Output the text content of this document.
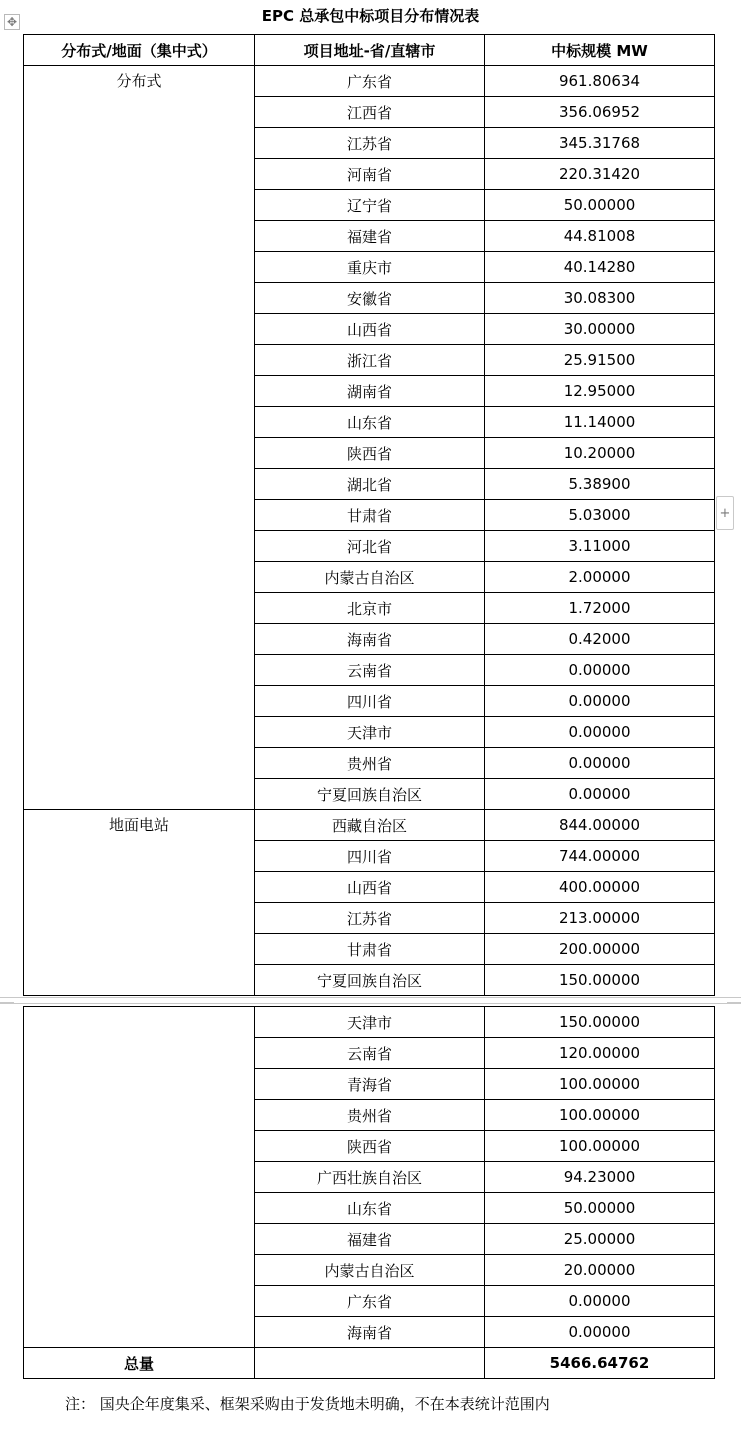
✥	EPC 总承包中标项目分布情况表
分布式/地面（集中式）	项目地址-省/直辖市	中标规模 MW
分布式	广东省	961.80634
	江西省	356.06952
	江苏省	345.31768
	河南省	220.31420
	辽宁省	50.00000
	福建省	44.81008
	重庆市	40.14280
	安徽省	30.08300
	山西省	30.00000
	浙江省	25.91500
	湖南省	12.95000
	山东省	11.14000
	陕西省	10.20000
	湖北省	5.38900
	甘肃省	5.03000
	河北省	3.11000
	内蒙古自治区	2.00000
	北京市	1.72000
	海南省	0.42000
	云南省	0.00000
	四川省	0.00000
	天津市	0.00000
	贵州省	0.00000
	宁夏回族自治区	0.00000
地面电站	西藏自治区	844.00000
	四川省	744.00000
	山西省	400.00000
	江苏省	213.00000
	甘肃省	200.00000
	宁夏回族自治区	150.00000
	天津市	150.00000
	云南省	120.00000
	青海省	100.00000
	贵州省	100.00000
	陕西省	100.00000
	广西壮族自治区	94.23000
	山东省	50.00000
	福建省	25.00000
	内蒙古自治区	20.00000
	广东省	0.00000
	海南省	0.00000
总量		5466.64762
+
注： 国央企年度集采、框架采购由于发货地未明确，不在本表统计范围内
